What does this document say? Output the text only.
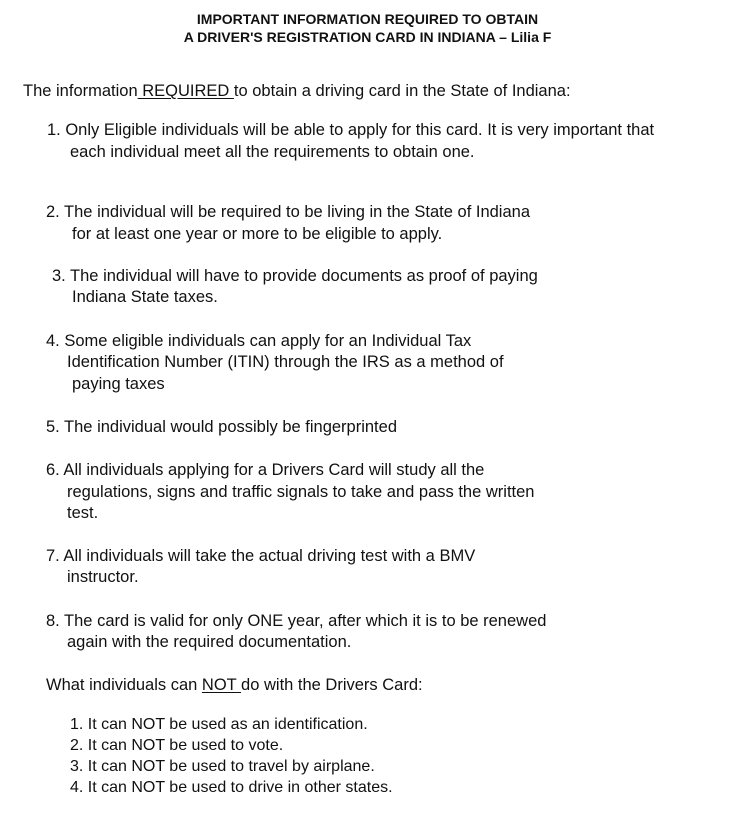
IMPORTANT INFORMATION REQUIRED TO OBTAIN
A DRIVER'S REGISTRATION CARD IN INDIANA – Lilia F
The information REQUIRED to obtain a driving card in the State of Indiana:
1. Only Eligible individuals will be able to apply for this card. It is very important that
each individual meet all the requirements to obtain one.
2. The individual will be required to be living in the State of Indiana
for at least one year or more to be eligible to apply.
3. The individual will have to provide documents as proof of paying
Indiana State taxes.
4. Some eligible individuals can apply for an Individual Tax
Identification Number (ITIN) through the IRS as a method of
paying taxes
5. The individual would possibly be fingerprinted
6. All individuals applying for a Drivers Card will study all the
regulations, signs and traffic signals to take and pass the written
test.
7. All individuals will take the actual driving test with a BMV
instructor.
8. The card is valid for only ONE year, after which it is to be renewed
again with the required documentation.
What individuals can NOT do with the Drivers Card:
1. It can NOT be used as an identification.
2. It can NOT be used to vote.
3. It can NOT be used to travel by airplane.
4. It can NOT be used to drive in other states.
